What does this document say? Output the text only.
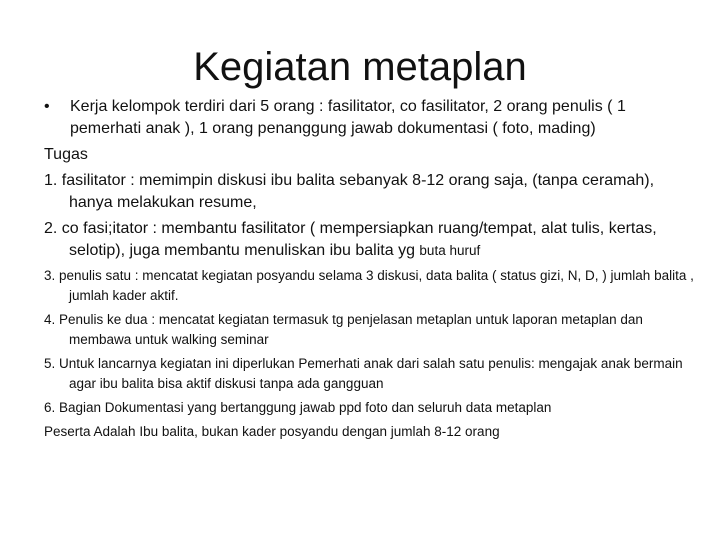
Kegiatan metaplan

• Kerja kelompok terdiri dari 5 orang : fasilitator, co fasilitator, 2 orang penulis ( 1 pemerhati anak ), 1 orang penanggung jawab dokumentasi ( foto, mading)

Tugas

1. fasilitator : memimpin diskusi ibu balita sebanyak 8-12 orang saja, (tanpa ceramah), hanya melakukan resume,

2. co fasi;itator : membantu fasilitator ( mempersiapkan ruang/tempat, alat tulis, kertas, selotip), juga membantu menuliskan ibu balita yg buta huruf

3. penulis satu : mencatat kegiatan posyandu selama 3 diskusi, data balita ( status gizi, N, D, ) jumlah balita , jumlah kader aktif.

4. Penulis ke dua : mencatat kegiatan termasuk tg penjelasan metaplan untuk laporan metaplan dan membawa untuk walking seminar

5. Untuk lancarnya kegiatan ini diperlukan Pemerhati anak dari salah satu penulis: mengajak anak bermain agar ibu balita bisa aktif diskusi tanpa ada gangguan

6. Bagian Dokumentasi yang bertanggung jawab ppd foto dan seluruh data metaplan

Peserta Adalah Ibu balita, bukan kader posyandu dengan jumlah 8-12 orang
